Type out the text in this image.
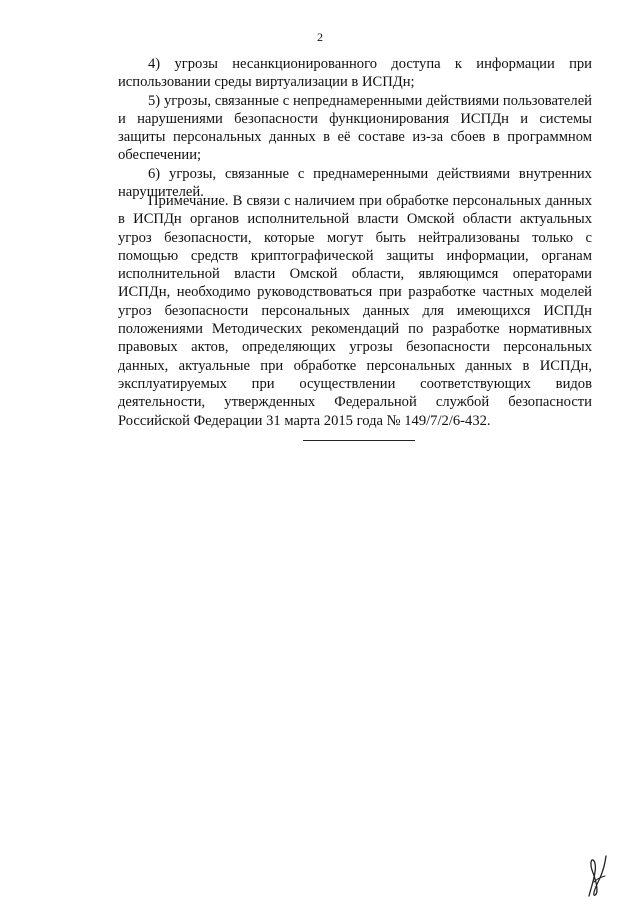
2

4) угрозы несанкционированного доступа к информации при использовании среды виртуализации в ИСПДн;

5) угрозы, связанные с непреднамеренными действиями пользователей и нарушениями безопасности функционирования ИСПДн и системы защиты персональных данных в её составе из-за сбоев в программном обеспечении;

6) угрозы, связанные с преднамеренными действиями внутренних нарушителей.

Примечание. В связи с наличием при обработке персональных данных в ИСПДн органов исполнительной власти Омской области актуальных угроз безопасности, которые могут быть нейтрализованы только с помощью средств криптографической защиты информации, органам исполнительной власти Омской области, являющимся операторами ИСПДн, необходимо руководствоваться при разработке частных моделей угроз безопасности персональных данных для имеющихся ИСПДн положениями Методических рекомендаций по разработке нормативных правовых актов, определяющих угрозы безопасности персональных данных, актуальные при обработке персональных данных в ИСПДн, эксплуатируемых при осуществлении соответствующих видов деятельности, утвержденных Федеральной службой безопасности Российской Федерации 31 марта 2015 года № 149/7/2/6-432.
